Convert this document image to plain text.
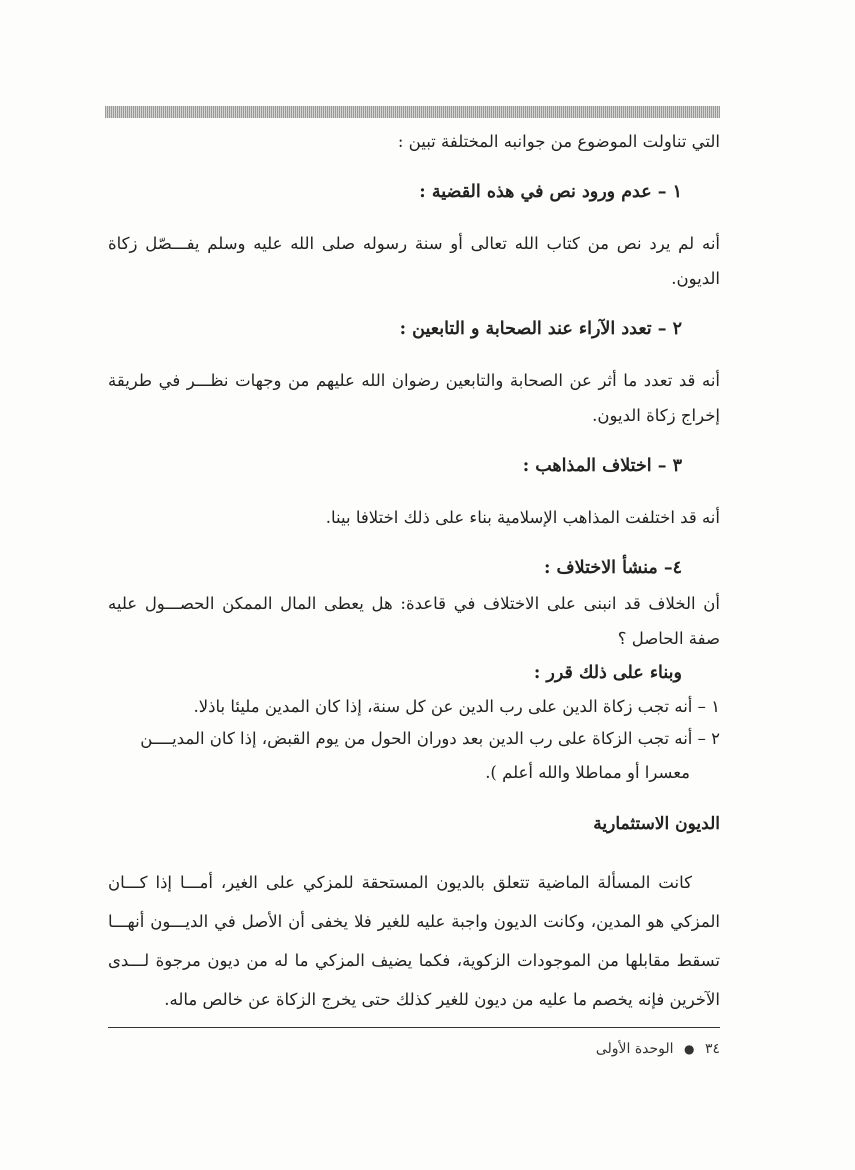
التي تناولت الموضوع من جوانبه المختلفة تبين :

١ – عدم ورود نص في هذه القضية :

أنه لم يرد نص من كتاب الله تعالى أو سنة رسوله صلى الله عليه وسلم يفـــصّل زكاة الديون.

٢ – تعدد الآراء عند الصحابة و التابعين :

أنه قد تعدد ما أثر عن الصحابة والتابعين رضوان الله عليهم من وجهات نظـــر في طريقة إخراج زكاة الديون.

٣ – اختلاف المذاهب :

أنه قد اختلفت المذاهب الإسلامية بناء على ذلك اختلافا بينا.

٤– منشأ الاختلاف :

أن الخلاف قد انبنى على الاختلاف في قاعدة: هل يعطى المال الممكن الحصـــول عليه صفة الحاصل ؟

وبناء على ذلك قرر :

١ – أنه تجب زكاة الدين على رب الدين عن كل سنة، إذا كان المدين مليئا باذلا.

٢ – أنه تجب الزكاة على رب الدين بعد دوران الحول من يوم القبض، إذا كان المديــــن

معسرا أو مماطلا والله أعلم ).

الديون الاستثمارية

كانت المسألة الماضية تتعلق بالديون المستحقة للمزكي على الغير، أمـــا إذا كـــان المزكي هو المدين، وكانت الديون واجبة عليه للغير فلا يخفى أن الأصل في الديـــون أنهـــا تسقط مقابلها من الموجودات الزكوية، فكما يضيف المزكي ما له من ديون مرجوة لـــدى الآخرين فإنه يخصم ما عليه من ديون للغير كذلك حتى يخرج الزكاة عن خالص ماله.

٣٤ ● الوحدة الأولى
